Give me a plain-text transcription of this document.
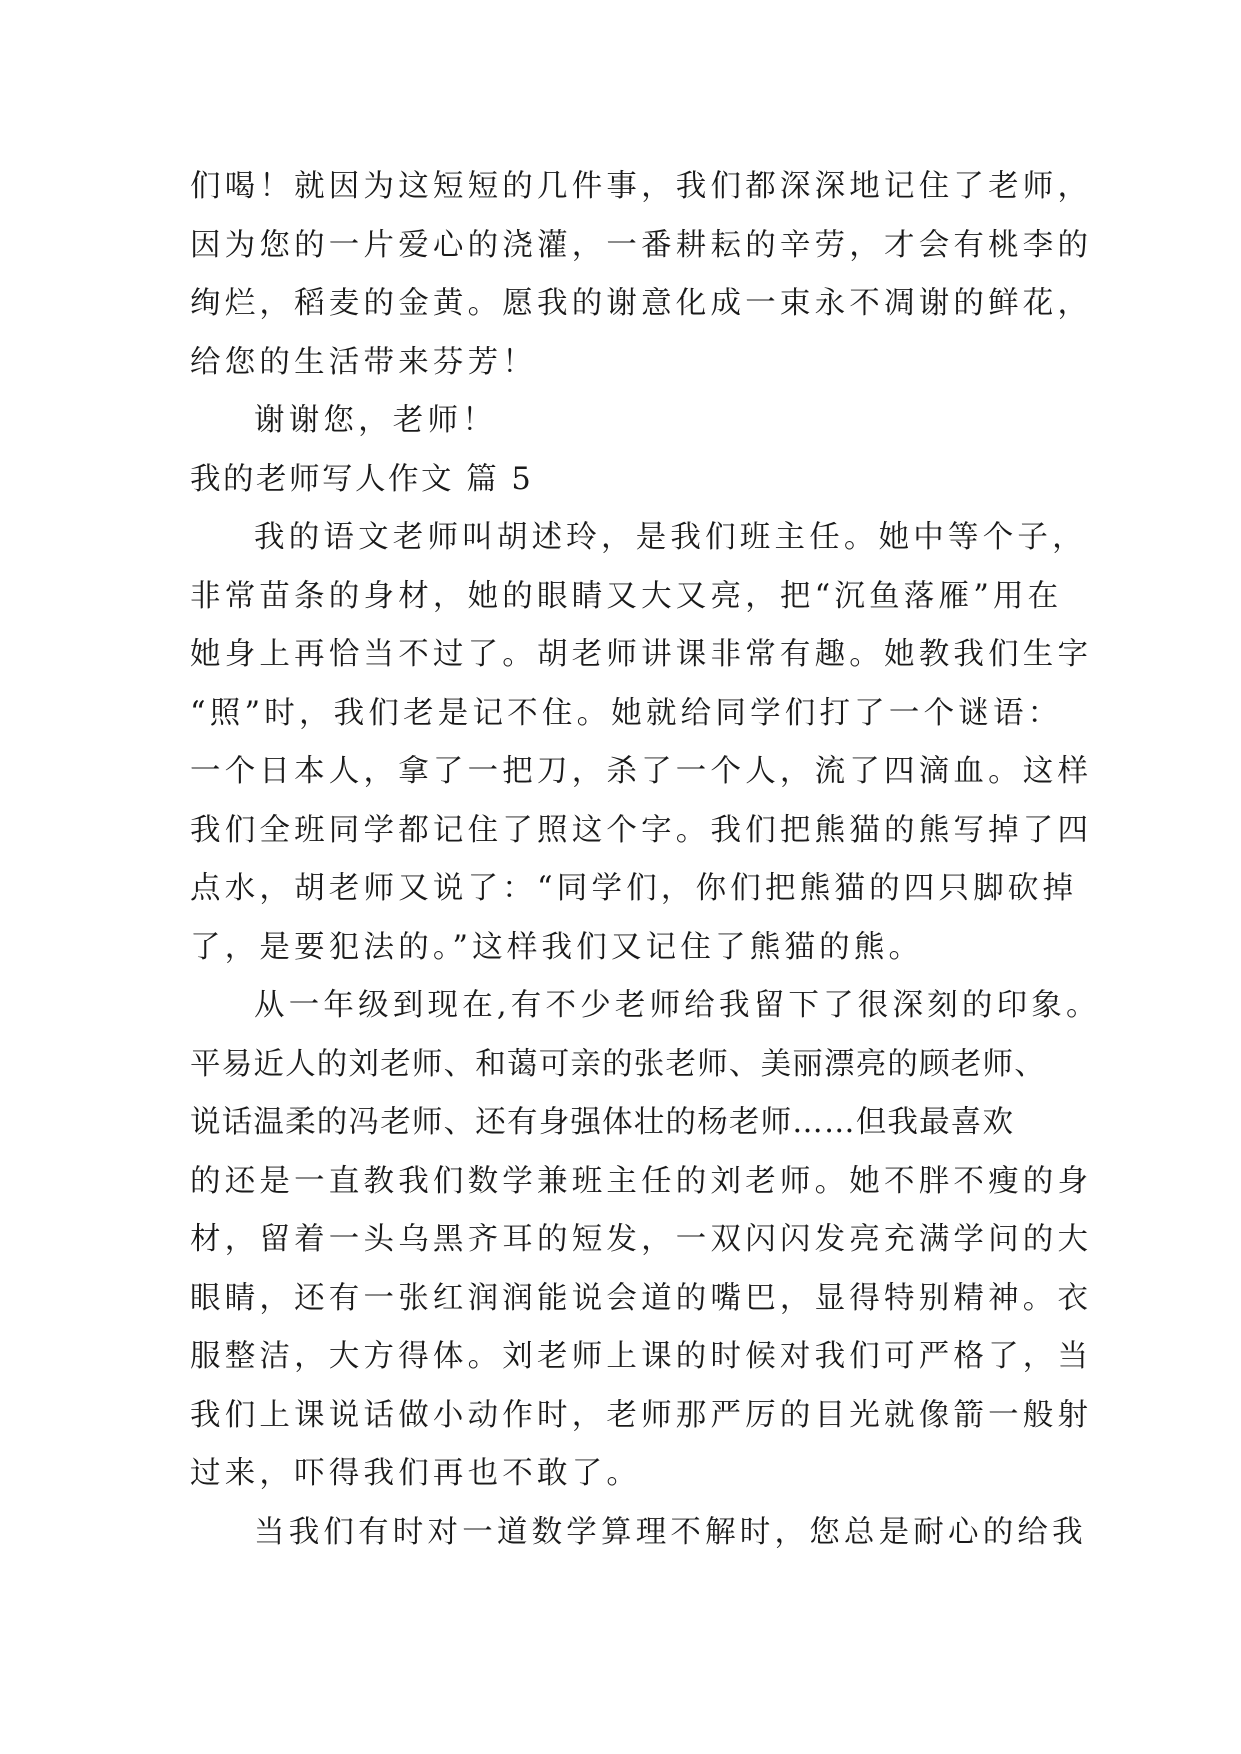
们喝！就因为这短短的几件事，我们都深深地记住了老师，
因为您的一片爱心的浇灌，一番耕耘的辛劳，才会有桃李的
绚烂，稻麦的金黄。愿我的谢意化成一束永不凋谢的鲜花，
给您的生活带来芬芳！
谢谢您，老师！
我的老师写人作文 篇 5
我的语文老师叫胡述玲，是我们班主任。她中等个子，
非常苗条的身材，她的眼睛又大又亮，把“沉鱼落雁”用在
她身上再恰当不过了。胡老师讲课非常有趣。她教我们生字
“照”时，我们老是记不住。她就给同学们打了一个谜语：
一个日本人，拿了一把刀，杀了一个人，流了四滴血。这样
我们全班同学都记住了照这个字。我们把熊猫的熊写掉了四
点水，胡老师又说了：“同学们，你们把熊猫的四只脚砍掉
了，是要犯法的。”这样我们又记住了熊猫的熊。
从一年级到现在,有不少老师给我留下了很深刻的印象。
平易近人的刘老师、和蔼可亲的张老师、美丽漂亮的顾老师、
说话温柔的冯老师、还有身强体壮的杨老师……但我最喜欢
的还是一直教我们数学兼班主任的刘老师。她不胖不瘦的身
材，留着一头乌黑齐耳的短发，一双闪闪发亮充满学问的大
眼睛，还有一张红润润能说会道的嘴巴，显得特别精神。衣
服整洁，大方得体。刘老师上课的时候对我们可严格了，当
我们上课说话做小动作时，老师那严厉的目光就像箭一般射
过来，吓得我们再也不敢了。
当我们有时对一道数学算理不解时，您总是耐心的给我
